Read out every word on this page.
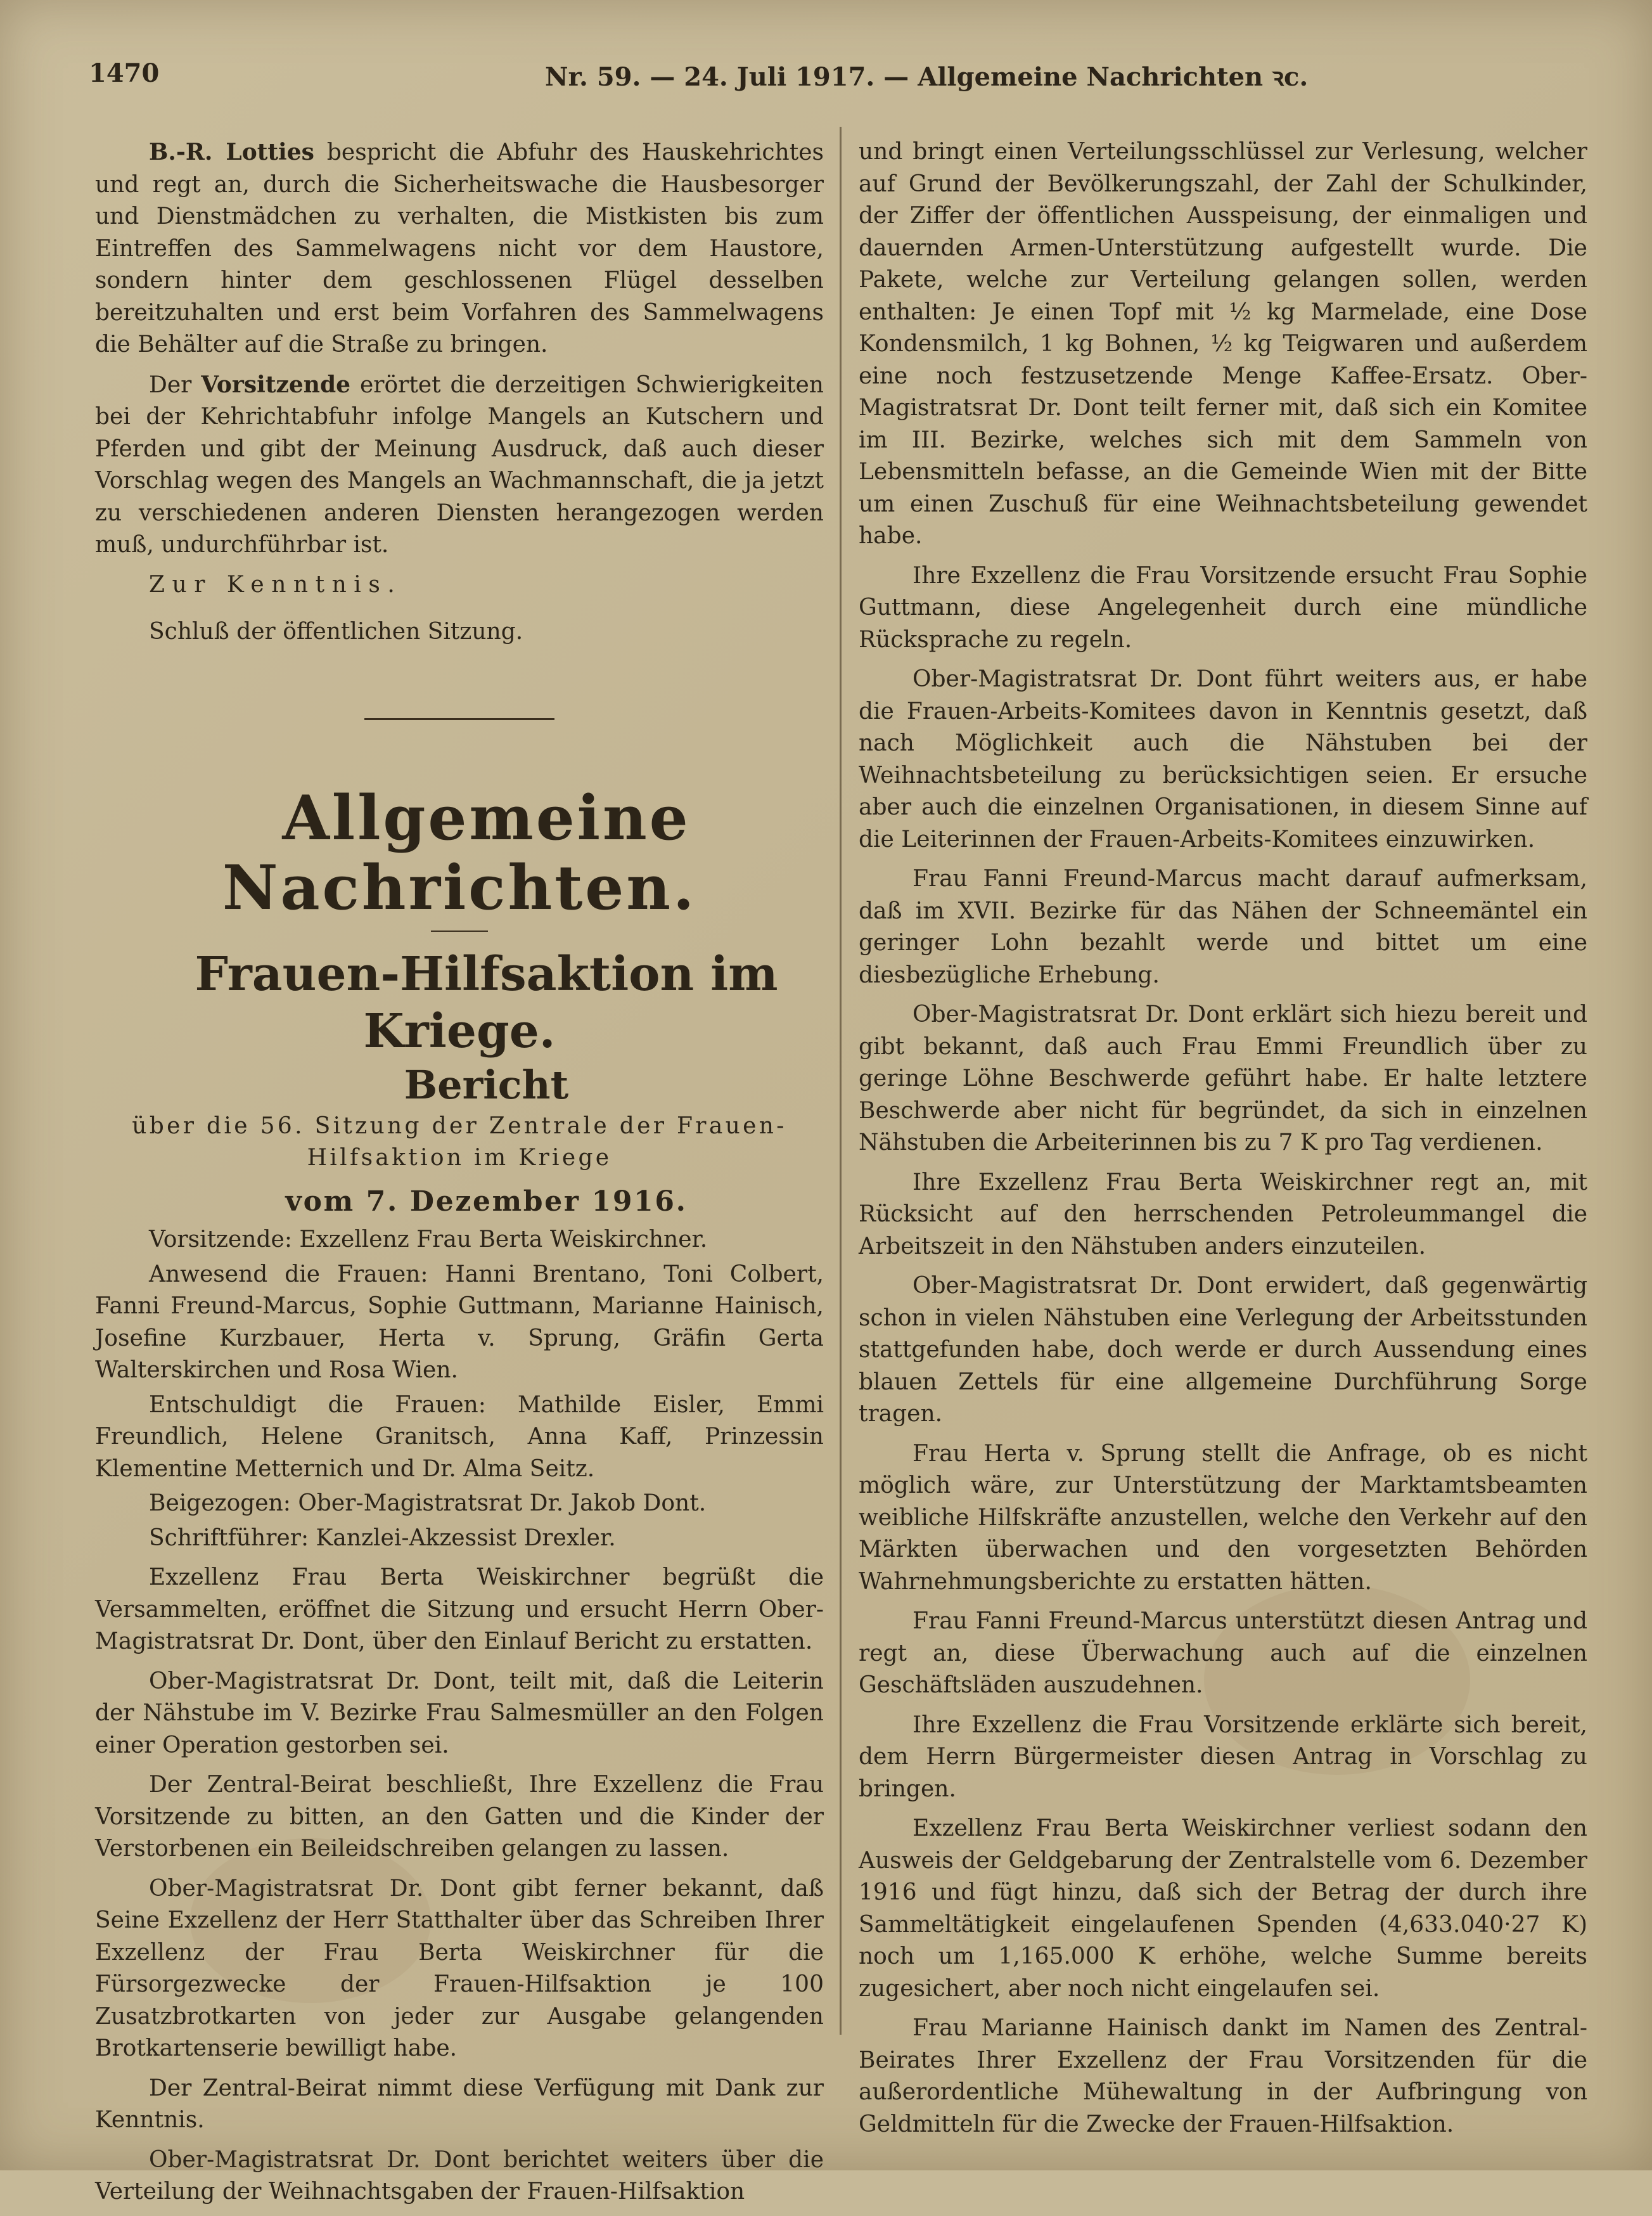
1470	Nr. 59. — 24. Juli 1917. — Allgemeine Nachrichten ꝛc.

B.-R. Lotties bespricht die Abfuhr des Hauskehrichtes und regt an, durch die Sicherheitswache die Hausbesorger und Dienstmädchen zu verhalten, die Mistkisten bis zum Eintreffen des Sammelwagens nicht vor dem Haustore, sondern hinter dem geschlossenen Flügel desselben bereitzuhalten und erst beim Vorfahren des Sammelwagens die Behälter auf die Straße zu bringen.

Der Vorsitzende erörtet die derzeitigen Schwierigkeiten bei der Kehrichtabfuhr infolge Mangels an Kutschern und Pferden und gibt der Meinung Ausdruck, daß auch dieser Vorschlag wegen des Mangels an Wachmannschaft, die ja jetzt zu verschiedenen anderen Diensten herangezogen werden muß, undurchführbar ist.

Zur Kenntnis.

Schluß der öffentlichen Sitzung.

Allgemeine Nachrichten.

Frauen-Hilfsaktion im Kriege.

Bericht

über die 56. Sitzung der Zentrale der Frauen-Hilfsaktion im Kriege

vom 7. Dezember 1916.

Vorsitzende: Exzellenz Frau Berta Weiskirchner.

Anwesend die Frauen: Hanni Brentano, Toni Colbert, Fanni Freund-Marcus, Sophie Guttmann, Marianne Hainisch, Josefine Kurzbauer, Herta v. Sprung, Gräfin Gerta Walterskirchen und Rosa Wien.

Entschuldigt die Frauen: Mathilde Eisler, Emmi Freundlich, Helene Granitsch, Anna Kaff, Prinzessin Klementine Metternich und Dr. Alma Seitz.

Beigezogen: Ober-Magistratsrat Dr. Jakob Dont.

Schriftführer: Kanzlei-Akzessist Drexler.

Exzellenz Frau Berta Weiskirchner begrüßt die Versammelten, eröffnet die Sitzung und ersucht Herrn Ober-Magistratsrat Dr. Dont, über den Einlauf Bericht zu erstatten.

Ober-Magistratsrat Dr. Dont, teilt mit, daß die Leiterin der Nähstube im V. Bezirke Frau Salmesmüller an den Folgen einer Operation gestorben sei.

Der Zentral-Beirat beschließt, Ihre Exzellenz die Frau Vorsitzende zu bitten, an den Gatten und die Kinder der Verstorbenen ein Beileidschreiben gelangen zu lassen.

Ober-Magistratsrat Dr. Dont gibt ferner bekannt, daß Seine Exzellenz der Herr Statthalter über das Schreiben Ihrer Exzellenz der Frau Berta Weiskirchner für die Fürsorgezwecke der Frauen-Hilfsaktion je 100 Zusatzbrotkarten von jeder zur Ausgabe gelangenden Brotkartenserie bewilligt habe.

Der Zentral-Beirat nimmt diese Verfügung mit Dank zur Kenntnis.

Ober-Magistratsrat Dr. Dont berichtet weiters über die Verteilung der Weihnachtsgaben der Frauen-Hilfsaktion

und bringt einen Verteilungsschlüssel zur Verlesung, welcher auf Grund der Bevölkerungszahl, der Zahl der Schulkinder, der Ziffer der öffentlichen Ausspeisung, der einmaligen und dauernden Armen-Unterstützung aufgestellt wurde. Die Pakete, welche zur Verteilung gelangen sollen, werden enthalten: Je einen Topf mit ½ kg Marmelade, eine Dose Kondensmilch, 1 kg Bohnen, ½ kg Teigwaren und außerdem eine noch festzusetzende Menge Kaffee-Ersatz. Ober-Magistratsrat Dr. Dont teilt ferner mit, daß sich ein Komitee im III. Bezirke, welches sich mit dem Sammeln von Lebensmitteln befasse, an die Gemeinde Wien mit der Bitte um einen Zuschuß für eine Weihnachtsbeteilung gewendet habe.

Ihre Exzellenz die Frau Vorsitzende ersucht Frau Sophie Guttmann, diese Angelegenheit durch eine mündliche Rücksprache zu regeln.

Ober-Magistratsrat Dr. Dont führt weiters aus, er habe die Frauen-Arbeits-Komitees davon in Kenntnis gesetzt, daß nach Möglichkeit auch die Nähstuben bei der Weihnachtsbeteilung zu berücksichtigen seien. Er ersuche aber auch die einzelnen Organisationen, in diesem Sinne auf die Leiterinnen der Frauen-Arbeits-Komitees einzuwirken.

Frau Fanni Freund-Marcus macht darauf aufmerksam, daß im XVII. Bezirke für das Nähen der Schneemäntel ein geringer Lohn bezahlt werde und bittet um eine diesbezügliche Erhebung.

Ober-Magistratsrat Dr. Dont erklärt sich hiezu bereit und gibt bekannt, daß auch Frau Emmi Freundlich über zu geringe Löhne Beschwerde geführt habe. Er halte letztere Beschwerde aber nicht für begründet, da sich in einzelnen Nähstuben die Arbeiterinnen bis zu 7 K pro Tag verdienen.

Ihre Exzellenz Frau Berta Weiskirchner regt an, mit Rücksicht auf den herrschenden Petroleummangel die Arbeitszeit in den Nähstuben anders einzuteilen.

Ober-Magistratsrat Dr. Dont erwidert, daß gegenwärtig schon in vielen Nähstuben eine Verlegung der Arbeitsstunden stattgefunden habe, doch werde er durch Aussendung eines blauen Zettels für eine allgemeine Durchführung Sorge tragen.

Frau Herta v. Sprung stellt die Anfrage, ob es nicht möglich wäre, zur Unterstützung der Marktamtsbeamten weibliche Hilfskräfte anzustellen, welche den Verkehr auf den Märkten überwachen und den vorgesetzten Behörden Wahrnehmungsberichte zu erstatten hätten.

Frau Fanni Freund-Marcus unterstützt diesen Antrag und regt an, diese Überwachung auch auf die einzelnen Geschäftsläden auszudehnen.

Ihre Exzellenz die Frau Vorsitzende erklärte sich bereit, dem Herrn Bürgermeister diesen Antrag in Vorschlag zu bringen.

Exzellenz Frau Berta Weiskirchner verliest sodann den Ausweis der Geldgebarung der Zentralstelle vom 6. Dezember 1916 und fügt hinzu, daß sich der Betrag der durch ihre Sammeltätigkeit eingelaufenen Spenden (4,633.040·27 K) noch um 1,165.000 K erhöhe, welche Summe bereits zugesichert, aber noch nicht eingelaufen sei.

Frau Marianne Hainisch dankt im Namen des Zentral-Beirates Ihrer Exzellenz der Frau Vorsitzenden für die außerordentliche Mühewaltung in der Aufbringung von Geldmitteln für die Zwecke der Frauen-Hilfsaktion.
